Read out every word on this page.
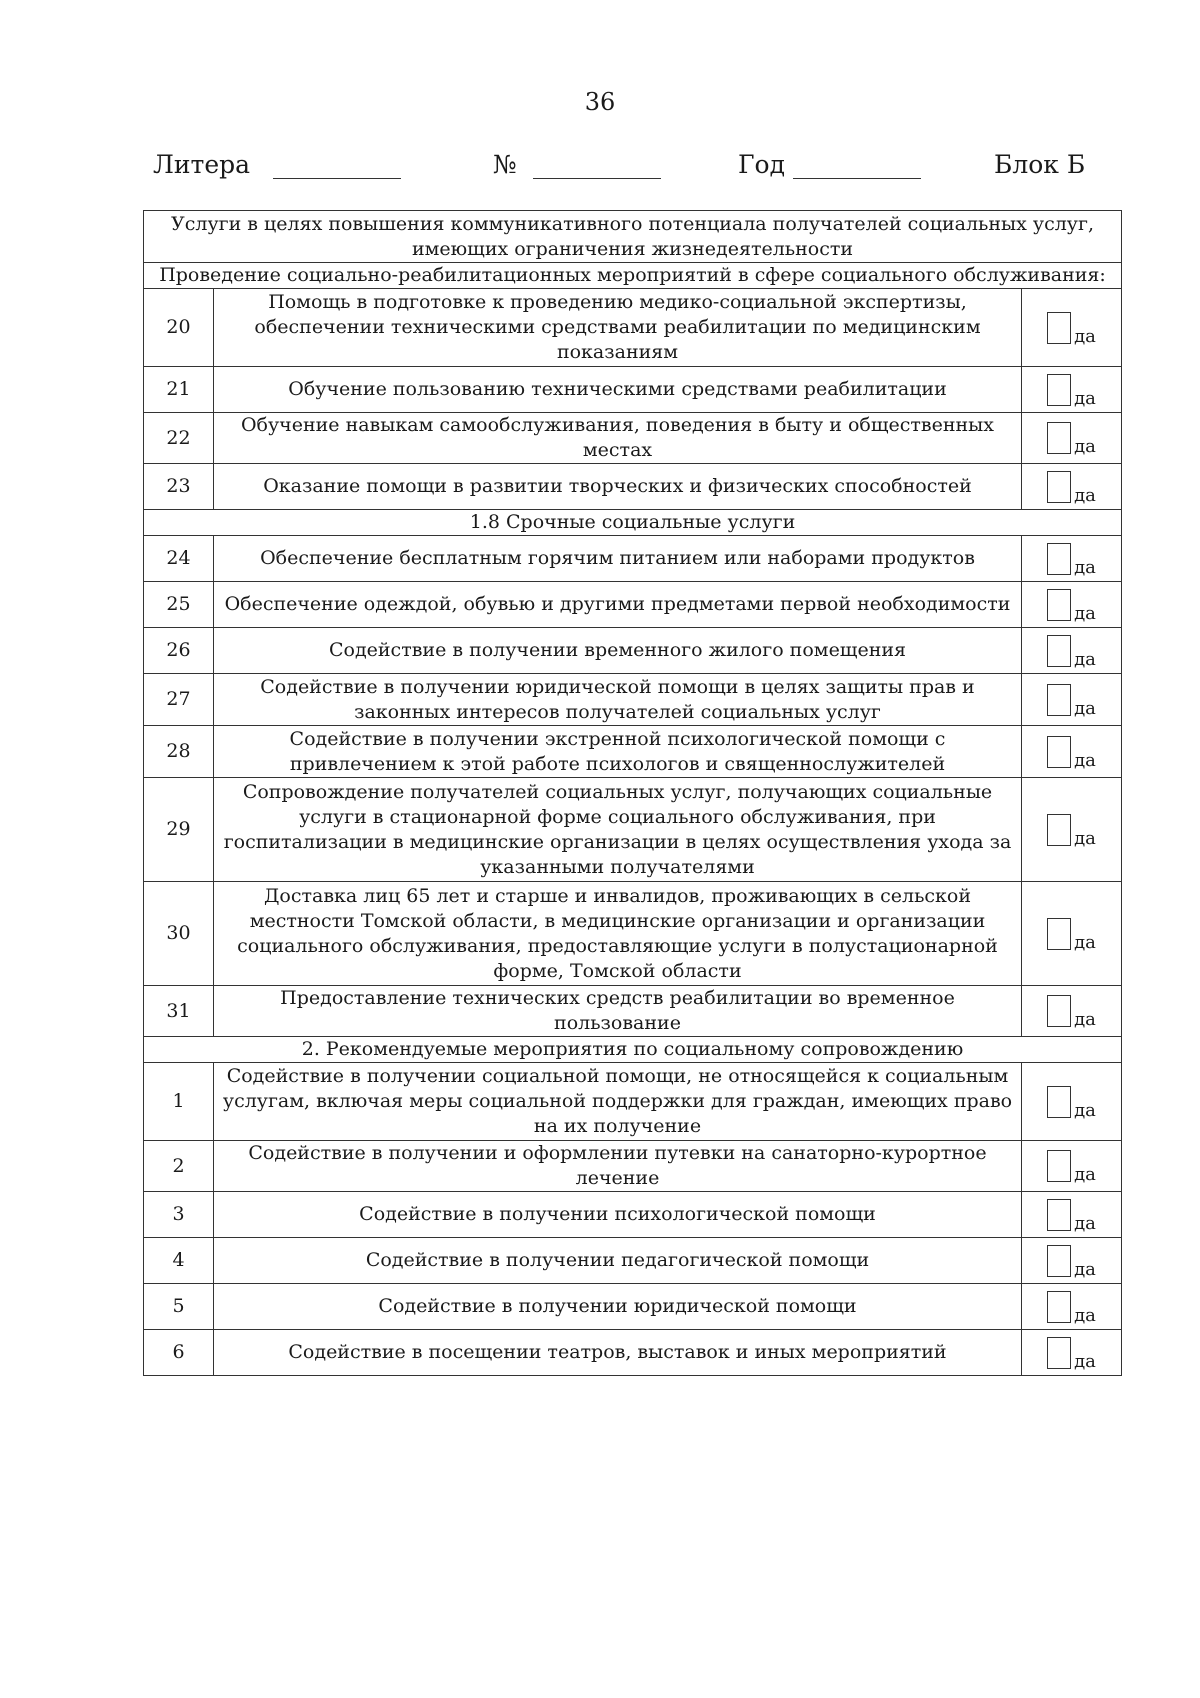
36
Литера	№	Год	Блок Б
Услуги в целях повышения коммуникативного потенциала получателей социальных услуг, имеющих ограничения жизнедеятельности		
Проведение социально-реабилитационных мероприятий в сфере социального обслуживания:		
20	Помощь в подготовке к проведению медико-социальной экспертизы, обеспечении техническими средствами реабилитации по медицинским показаниям	да

21	Обучение пользованию техническими средствами реабилитации	да

22	Обучение навыкам самообслуживания, поведения в быту и общественных местах	да

23	Оказание помощи в развитии творческих и физических способностей	да

1.8 Срочные социальные услуги		
24	Обеспечение бесплатным горячим питанием или наборами продуктов	да

25	Обеспечение одеждой, обувью и другими предметами первой необходимости	да

26	Содействие в получении временного жилого помещения	да

27	Содействие в получении юридической помощи в целях защиты прав и законных интересов получателей социальных услуг	да

28	Содействие в получении экстренной психологической помощи с привлечением к этой работе психологов и священнослужителей	да

29	Сопровождение получателей социальных услуг, получающих социальные услуги в стационарной форме социального обслуживания, при госпитализации в медицинские организации в целях осуществления ухода за указанными получателями	да

30	Доставка лиц 65 лет и старше и инвалидов, проживающих в сельской местности Томской области, в медицинские организации и организации социального обслуживания, предоставляющие услуги в полустационарной форме, Томской области	да

31	Предоставление технических средств реабилитации во временное пользование	да

2. Рекомендуемые мероприятия по социальному сопровождению		
1	Содействие в получении социальной помощи, не относящейся к социальным услугам, включая меры социальной поддержки для граждан, имеющих право на их получение	да

2	Содействие в получении и оформлении путевки на санаторно-курортное лечение	да

3	Содействие в получении психологической помощи	да

4	Содействие в получении педагогической помощи	да

5	Содействие в получении юридической помощи	да

6	Содействие в посещении театров, выставок и иных мероприятий	да
